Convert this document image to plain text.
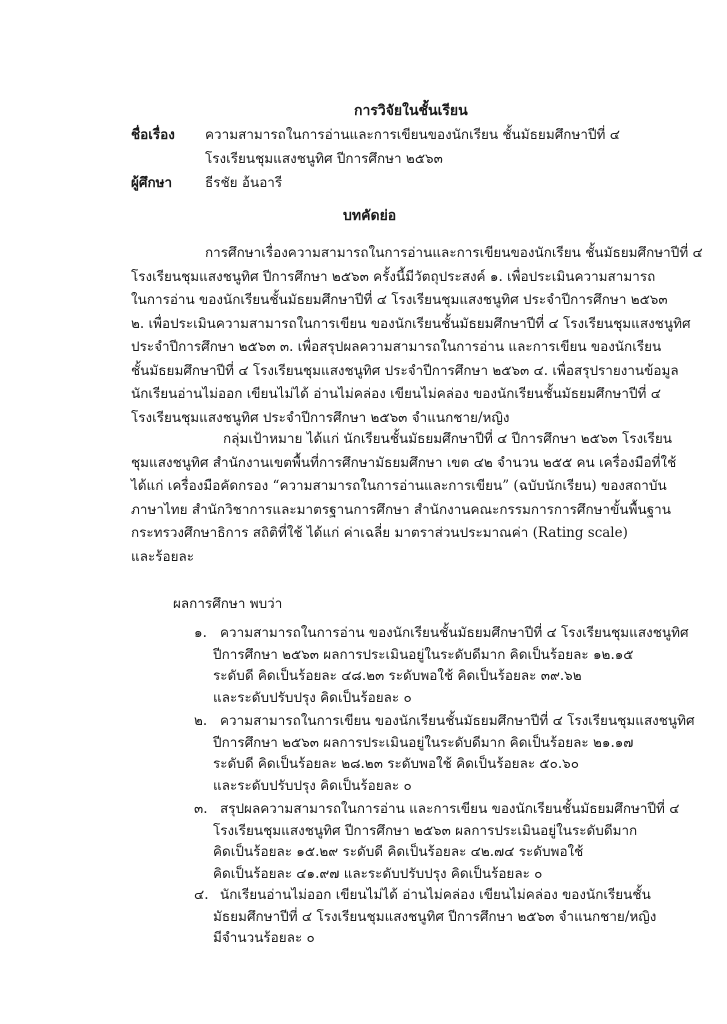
การวิจัยในชั้นเรียน
ชื่อเรื่อง ความสามารถในการอ่านและการเขียนของนักเรียน ชั้นมัธยมศึกษาปีที่ ๔
โรงเรียนชุมแสงชนูทิศ ปีการศึกษา ๒๕๖๓
ผู้ศึกษา ธีรชัย อ้นอารี
บทคัดย่อ
การศึกษาเรื่องความสามารถในการอ่านและการเขียนของนักเรียน ชั้นมัธยมศึกษาปีที่ ๔
โรงเรียนชุมแสงชนูทิศ ปีการศึกษา ๒๕๖๓ ครั้งนี้มีวัตถุประสงค์ ๑. เพื่อประเมินความสามารถ
ในการอ่าน ของนักเรียนชั้นมัธยมศึกษาปีที่ ๔ โรงเรียนชุมแสงชนูทิศ ประจำปีการศึกษา ๒๕๖๓
๒. เพื่อประเมินความสามารถในการเขียน ของนักเรียนชั้นมัธยมศึกษาปีที่ ๔ โรงเรียนชุมแสงชนูทิศ
ประจำปีการศึกษา ๒๕๖๓ ๓. เพื่อสรุปผลความสามารถในการอ่าน และการเขียน ของนักเรียน
ชั้นมัธยมศึกษาปีที่ ๔ โรงเรียนชุมแสงชนูทิศ ประจำปีการศึกษา ๒๕๖๓ ๔. เพื่อสรุปรายงานข้อมูล
นักเรียนอ่านไม่ออก เขียนไม่ได้ อ่านไม่คล่อง เขียนไม่คล่อง ของนักเรียนชั้นมัธยมศึกษาปีที่ ๔
โรงเรียนชุมแสงชนูทิศ ประจำปีการศึกษา ๒๕๖๓ จำแนกชาย/หญิง
กลุ่มเป้าหมาย ได้แก่ นักเรียนชั้นมัธยมศึกษาปีที่ ๔ ปีการศึกษา ๒๕๖๓ โรงเรียน
ชุมแสงชนูทิศ สำนักงานเขตพื้นที่การศึกษามัธยมศึกษา เขต ๔๒ จำนวน ๒๕๕ คน เครื่องมือที่ใช้
ได้แก่ เครื่องมือคัดกรอง “ความสามารถในการอ่านและการเขียน” (ฉบับนักเรียน) ของสถาบัน
ภาษาไทย สำนักวิชาการและมาตรฐานการศึกษา สำนักงานคณะกรรมการการศึกษาขั้นพื้นฐาน
กระทรวงศึกษาธิการ สถิติที่ใช้ ได้แก่ ค่าเฉลี่ย มาตราส่วนประมาณค่า (Rating scale)
และร้อยละ
ผลการศึกษา พบว่า
๑. ความสามารถในการอ่าน ของนักเรียนชั้นมัธยมศึกษาปีที่ ๔ โรงเรียนชุมแสงชนูทิศ
ปีการศึกษา ๒๕๖๓ ผลการประเมินอยู่ในระดับดีมาก คิดเป็นร้อยละ ๑๒.๑๕
ระดับดี คิดเป็นร้อยละ ๔๘.๒๓ ระดับพอใช้ คิดเป็นร้อยละ ๓๙.๖๒
และระดับปรับปรุง คิดเป็นร้อยละ ๐
๒. ความสามารถในการเขียน ของนักเรียนชั้นมัธยมศึกษาปีที่ ๔ โรงเรียนชุมแสงชนูทิศ
ปีการศึกษา ๒๕๖๓ ผลการประเมินอยู่ในระดับดีมาก คิดเป็นร้อยละ ๒๑.๑๗
ระดับดี คิดเป็นร้อยละ ๒๘.๒๓ ระดับพอใช้ คิดเป็นร้อยละ ๕๐.๖๐
และระดับปรับปรุง คิดเป็นร้อยละ ๐
๓. สรุปผลความสามารถในการอ่าน และการเขียน ของนักเรียนชั้นมัธยมศึกษาปีที่ ๔
โรงเรียนชุมแสงชนูทิศ ปีการศึกษา ๒๕๖๓ ผลการประเมินอยู่ในระดับดีมาก
คิดเป็นร้อยละ ๑๕.๒๙ ระดับดี คิดเป็นร้อยละ ๔๒.๗๔ ระดับพอใช้
คิดเป็นร้อยละ ๔๑.๙๗ และระดับปรับปรุง คิดเป็นร้อยละ ๐
๔. นักเรียนอ่านไม่ออก เขียนไม่ได้ อ่านไม่คล่อง เขียนไม่คล่อง ของนักเรียนชั้น
มัธยมศึกษาปีที่ ๔ โรงเรียนชุมแสงชนูทิศ ปีการศึกษา ๒๕๖๓ จำแนกชาย/หญิง
มีจำนวนร้อยละ ๐
